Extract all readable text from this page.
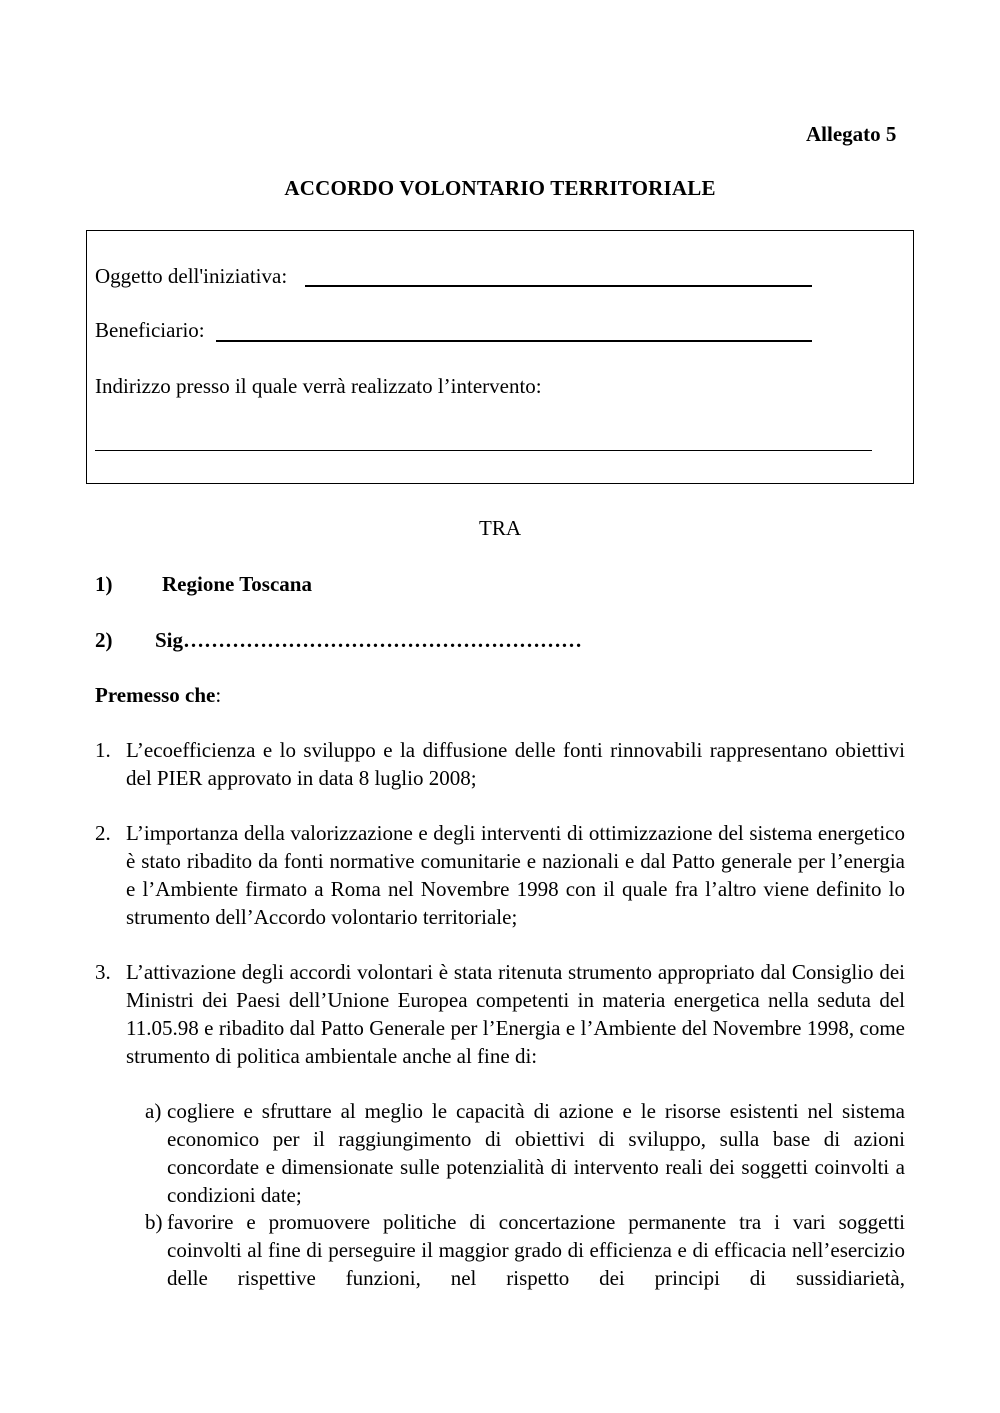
Allegato 5
ACCORDO VOLONTARIO TERRITORIALE
Oggetto dell'iniziativa:
Beneficiario:
Indirizzo presso il quale verrà realizzato l’intervento:
TRA
1) Regione Toscana
2) Sig…………………………………………………
Premesso che:
1. L’ecoefficienza e lo sviluppo e la diffusione delle fonti rinnovabili rappresentano obiettivi del PIER approvato in data 8 luglio 2008;
2. L’importanza della valorizzazione e degli interventi di ottimizzazione del sistema energetico è stato ribadito da fonti normative comunitarie e nazionali e dal Patto generale per l’energia e l’Ambiente firmato a Roma nel Novembre 1998 con il quale fra l’altro viene definito lo strumento dell’Accordo volontario territoriale;
3. L’attivazione degli accordi volontari è stata ritenuta strumento appropriato dal Consiglio dei Ministri dei Paesi dell’Unione Europea competenti in materia energetica nella seduta del 11.05.98 e ribadito dal Patto Generale per l’Energia e l’Ambiente del Novembre 1998, come strumento di politica ambientale anche al fine di:
a) cogliere e sfruttare al meglio le capacità di azione e le risorse esistenti nel sistema economico per il raggiungimento di obiettivi di sviluppo, sulla base di azioni concordate e dimensionate sulle potenzialità di intervento reali dei soggetti coinvolti a condizioni date;
b) favorire e promuovere politiche di concertazione permanente tra i vari soggetti coinvolti al fine di perseguire il maggior grado di efficienza e di efficacia nell’esercizio delle rispettive funzioni, nel rispetto dei principi di sussidiarietà,
